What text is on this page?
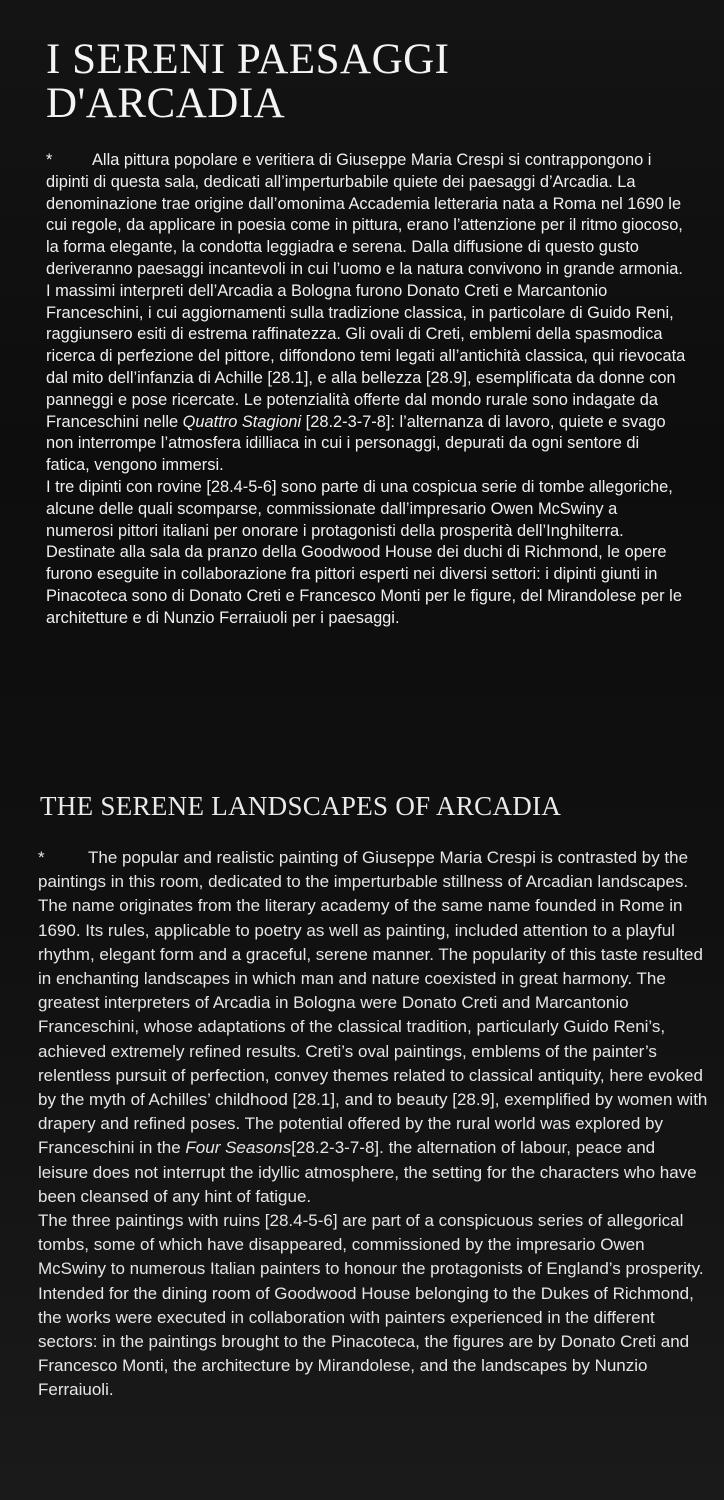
I SERENI PAESAGGI
D'ARCADIA

* Alla pittura popolare e veritiera di Giuseppe Maria Crespi si contrappongono i dipinti di questa sala, dedicati all’imperturbabile quiete dei paesaggi d’Arcadia. La denominazione trae origine dall’omonima Accademia letteraria nata a Roma nel 1690 le cui regole, da applicare in poesia come in pittura, erano l’attenzione per il ritmo giocoso, la forma elegante, la condotta leggiadra e serena. Dalla diffusione di questo gusto deriveranno paesaggi incantevoli in cui l’uomo e la natura convivono in grande armonia. I massimi interpreti dell’Arcadia a Bologna furono Donato Creti e Marcantonio Franceschini, i cui aggiornamenti sulla tradizione classica, in particolare di Guido Reni, raggiunsero esiti di estrema raffinatezza. Gli ovali di Creti, emblemi della spasmodica ricerca di perfezione del pittore, diffondono temi legati all’antichità classica, qui rievocata dal mito dell’infanzia di Achille [28.1], e alla bellezza [28.9], esemplificata da donne con panneggi e pose ricercate. Le potenzialità offerte dal mondo rurale sono indagate da Franceschini nelle Quattro Stagioni [28.2-3-7-8]: l’alternanza di lavoro, quiete e svago non interrompe l’atmosfera idilliaca in cui i personaggi, depurati da ogni sentore di fatica, vengono immersi.

I tre dipinti con rovine [28.4-5-6] sono parte di una cospicua serie di tombe allegoriche, alcune delle quali scomparse, commissionate dall’impresario Owen McSwiny a numerosi pittori italiani per onorare i protagonisti della prosperità dell’Inghilterra. Destinate alla sala da pranzo della Goodwood House dei duchi di Richmond, le opere furono eseguite in collaborazione fra pittori esperti nei diversi settori: i dipinti giunti in Pinacoteca sono di Donato Creti e Francesco Monti per le figure, del Mirandolese per le architetture e di Nunzio Ferraiuoli per i paesaggi.

THE SERENE LANDSCAPES OF ARCADIA

*	The popular and realistic painting of Giuseppe Maria Crespi is contrasted by the paintings in this room, dedicated to the imperturbable stillness of Arcadian landscapes. The name originates from the literary academy of the same name founded in Rome in 1690. Its rules, applicable to poetry as well as painting, included attention to a playful rhythm, elegant form and a graceful, serene manner. The popularity of this taste resulted in enchanting landscapes in which man and nature coexisted in great harmony. The greatest interpreters of Arcadia in Bologna were Donato Creti and Marcantonio Franceschini, whose adaptations of the classical tradition, particularly Guido Reni’s, achieved extremely refined results. Creti’s oval paintings, emblems of the painter’s relentless pursuit of perfection, convey themes related to classical antiquity, here evoked by the myth of Achilles’ childhood [28.1], and to beauty [28.9], exemplified by women with drapery and refined poses. The potential offered by the rural world was explored by Franceschini in the Four Seasons[28.2-3-7-8]. the alternation of labour, peace and leisure does not interrupt the idyllic atmosphere, the setting for the characters who have been cleansed of any hint of fatigue.

The three paintings with ruins [28.4-5-6] are part of a conspicuous series of allegorical tombs, some of which have disappeared, commissioned by the impresario Owen McSwiny to numerous Italian painters to honour the protagonists of England’s prosperity. Intended for the dining room of Goodwood House belonging to the Dukes of Richmond, the works were executed in collaboration with painters experienced in the different sectors: in the paintings brought to the Pinacoteca, the figures are by Donato Creti and Francesco Monti, the architecture by Mirandolese, and the landscapes by Nunzio Ferraiuoli.
